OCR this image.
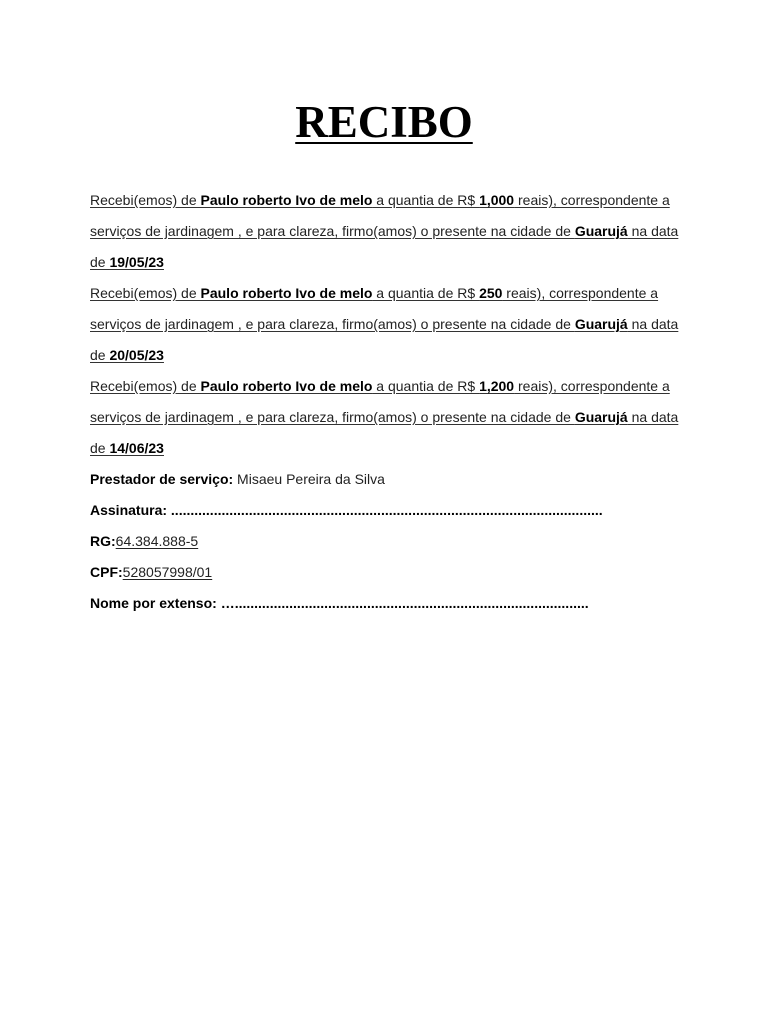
RECIBO
Recebi(emos) de Paulo roberto Ivo de melo a quantia de R$ 1,000 reais), correspondente a
serviços de jardinagem , e para clareza, firmo(amos) o presente na cidade de Guarujá na data
de 19/05/23
Recebi(emos) de Paulo roberto Ivo de melo a quantia de R$ 250 reais), correspondente a
serviços de jardinagem , e para clareza, firmo(amos) o presente na cidade de Guarujá na data
de 20/05/23
Recebi(emos) de Paulo roberto Ivo de melo a quantia de R$ 1,200 reais), correspondente a
serviços de jardinagem , e para clareza, firmo(amos) o presente na cidade de Guarujá na data
de 14/06/23
Prestador de serviço: Misaeu Pereira da Silva
Assinatura: ...............................................................................................................
RG:64.384.888-5
CPF:528057998/01
Nome por extenso: …...........................................................................................
